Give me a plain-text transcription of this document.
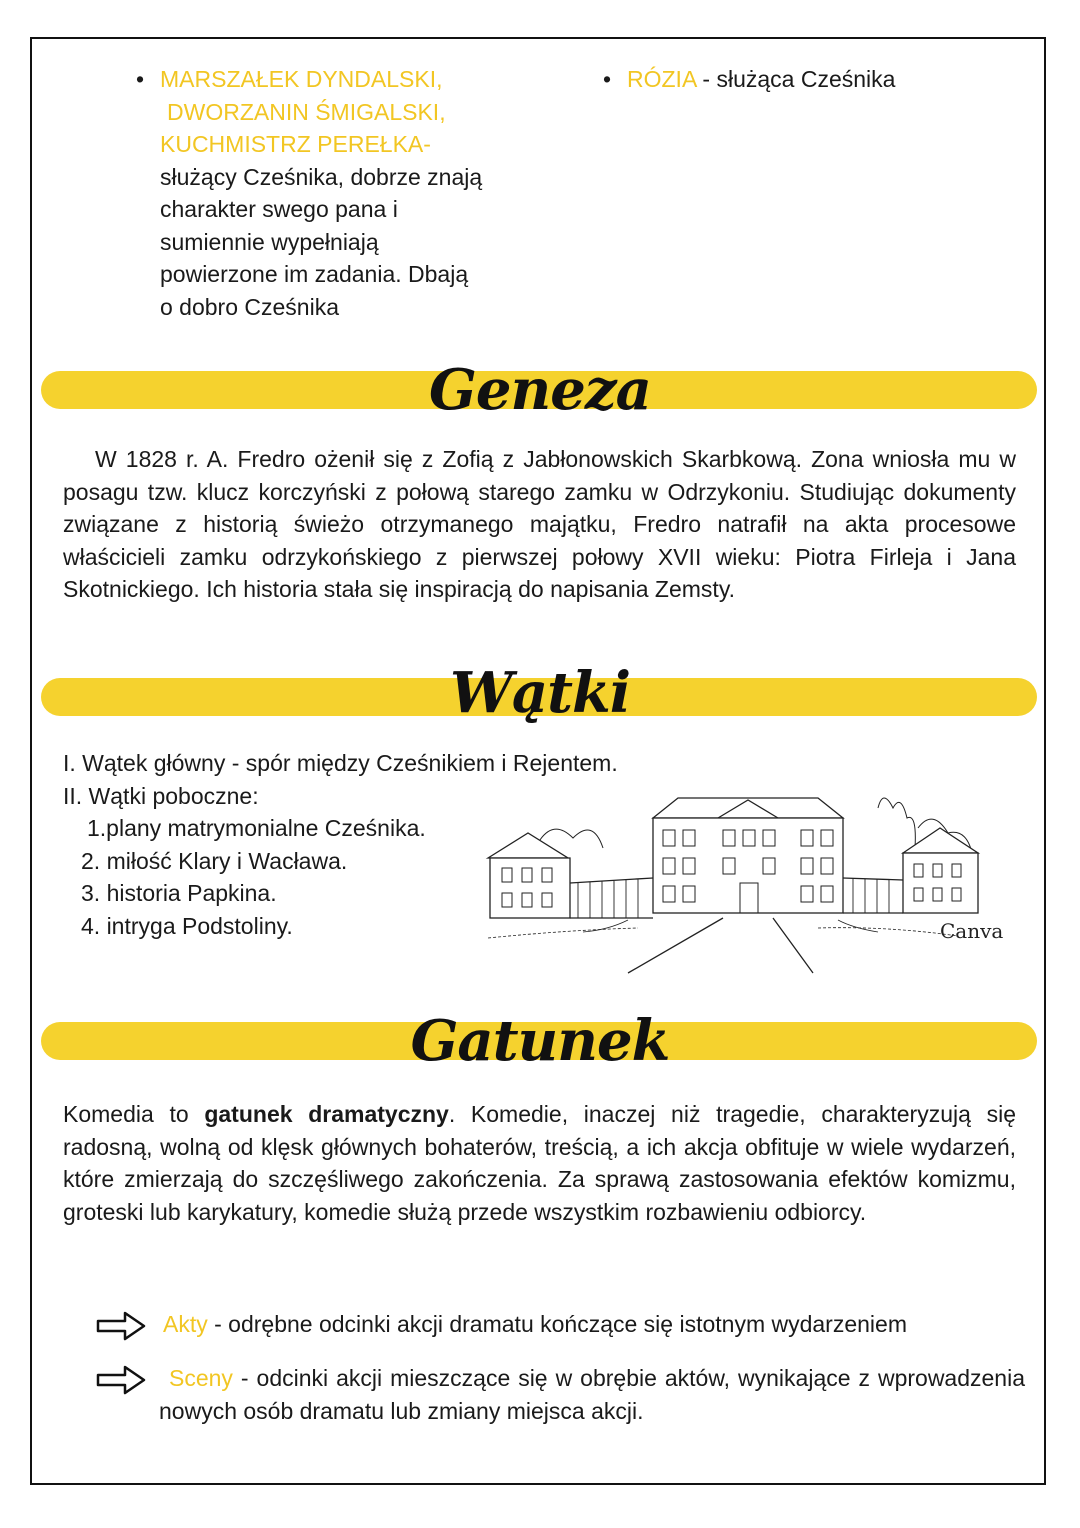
• MARSZAŁEK DYNDALSKI,
DWORZANIN ŚMIGALSKI,
KUCHMISTRZ PEREŁKA-
służący Cześnika, dobrze znają
charakter swego pana i
sumiennie wypełniają
powierzone im zadania. Dbają
o dobro Cześnika
• RÓZIA - służąca Cześnika
Geneza

W 1828 r. A. Fredro ożenił się z Zofią z Jabłonowskich Skarbkową. Zona wniosła mu w posagu tzw. klucz korczyński z połową starego zamku w Odrzykoniu. Studiując dokumenty związane z historią świeżo otrzymanego majątku, Fredro natrafił na akta procesowe właścicieli zamku odrzykońskiego z pierwszej połowy XVII wieku: Piotra Firleja i Jana Skotnickiego. Ich historia stała się inspiracją do napisania Zemsty.

Wątki
I. Wątek główny - spór między Cześnikiem i Rejentem.
II. Wątki poboczne:
1.plany matrymonialne Cześnika.
2. miłość Klary i Wacława.
3. historia Papkina.
4. intryga Podstoliny.	Canva
Gatunek

Komedia to gatunek dramatyczny. Komedie, inaczej niż tragedie, charakteryzują się radosną, wolną od klęsk głównych bohaterów, treścią, a ich akcja obfituje w wiele wydarzeń, które zmierzają do szczęśliwego zakończenia. Za sprawą zastosowania efektów komizmu, groteski lub karykatury, komedie służą przede wszystkim rozbawieniu odbiorcy.

Akty - odrębne odcinki akcji dramatu kończące się istotnym wydarzeniem
Sceny - odcinki akcji mieszczące się w obrębie aktów, wynikające z wprowadzenia nowych osób dramatu lub zmiany miejsca akcji.
